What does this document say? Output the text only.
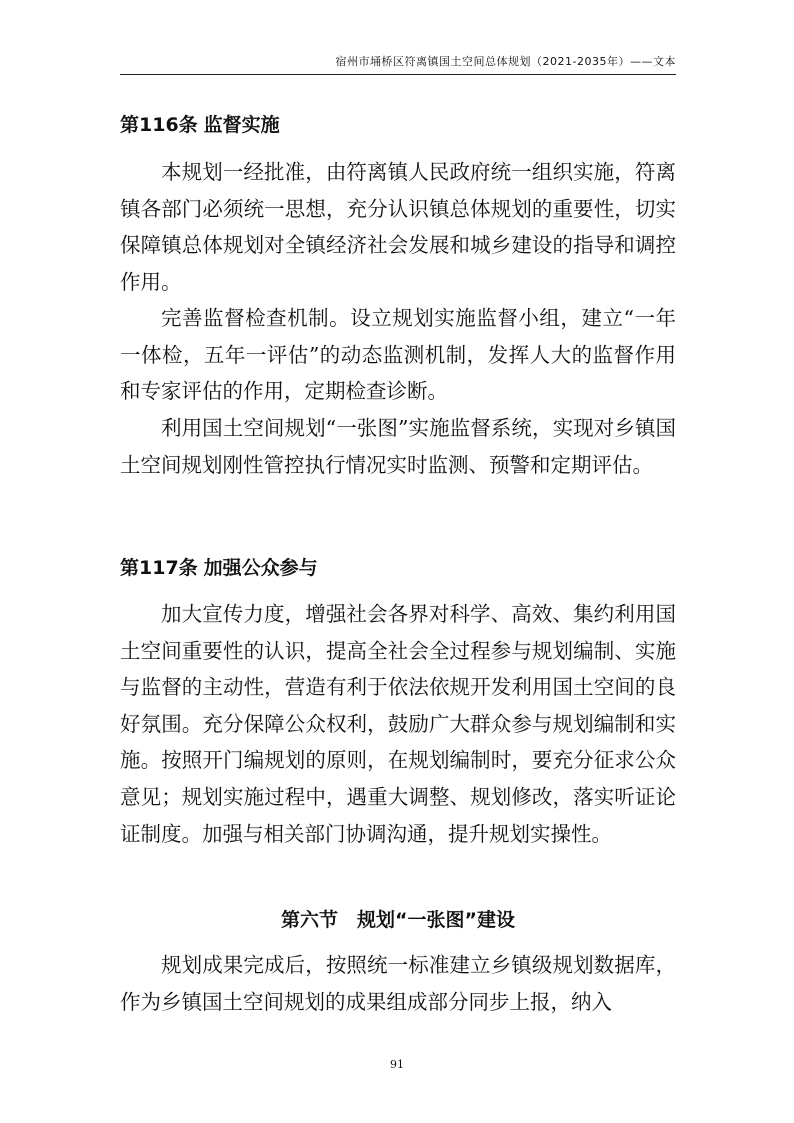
宿州市埇桥区符离镇国土空间总体规划（2021-2035年）——文本
第116条 监督实施

本规划一经批准，由符离镇人民政府统一组织实施，符离镇各部门必须统一思想，充分认识镇总体规划的重要性，切实保障镇总体规划对全镇经济社会发展和城乡建设的指导和调控作用。

完善监督检查机制。设立规划实施监督小组，建立“一年一体检，五年一评估”的动态监测机制，发挥人大的监督作用和专家评估的作用，定期检查诊断。

利用国土空间规划“一张图”实施监督系统，实现对乡镇国土空间规划刚性管控执行情况实时监测、预警和定期评估。

第117条 加强公众参与

加大宣传力度，增强社会各界对科学、高效、集约利用国土空间重要性的认识，提高全社会全过程参与规划编制、实施与监督的主动性，营造有利于依法依规开发利用国土空间的良好氛围。充分保障公众权利，鼓励广大群众参与规划编制和实施。按照开门编规划的原则，在规划编制时，要充分征求公众意见；规划实施过程中，遇重大调整、规划修改，落实听证论证制度。加强与相关部门协调沟通，提升规划实操性。

第六节　规划“一张图”建设

规划成果完成后，按照统一标准建立乡镇级规划数据库，作为乡镇国土空间规划的成果组成部分同步上报，纳入

91
